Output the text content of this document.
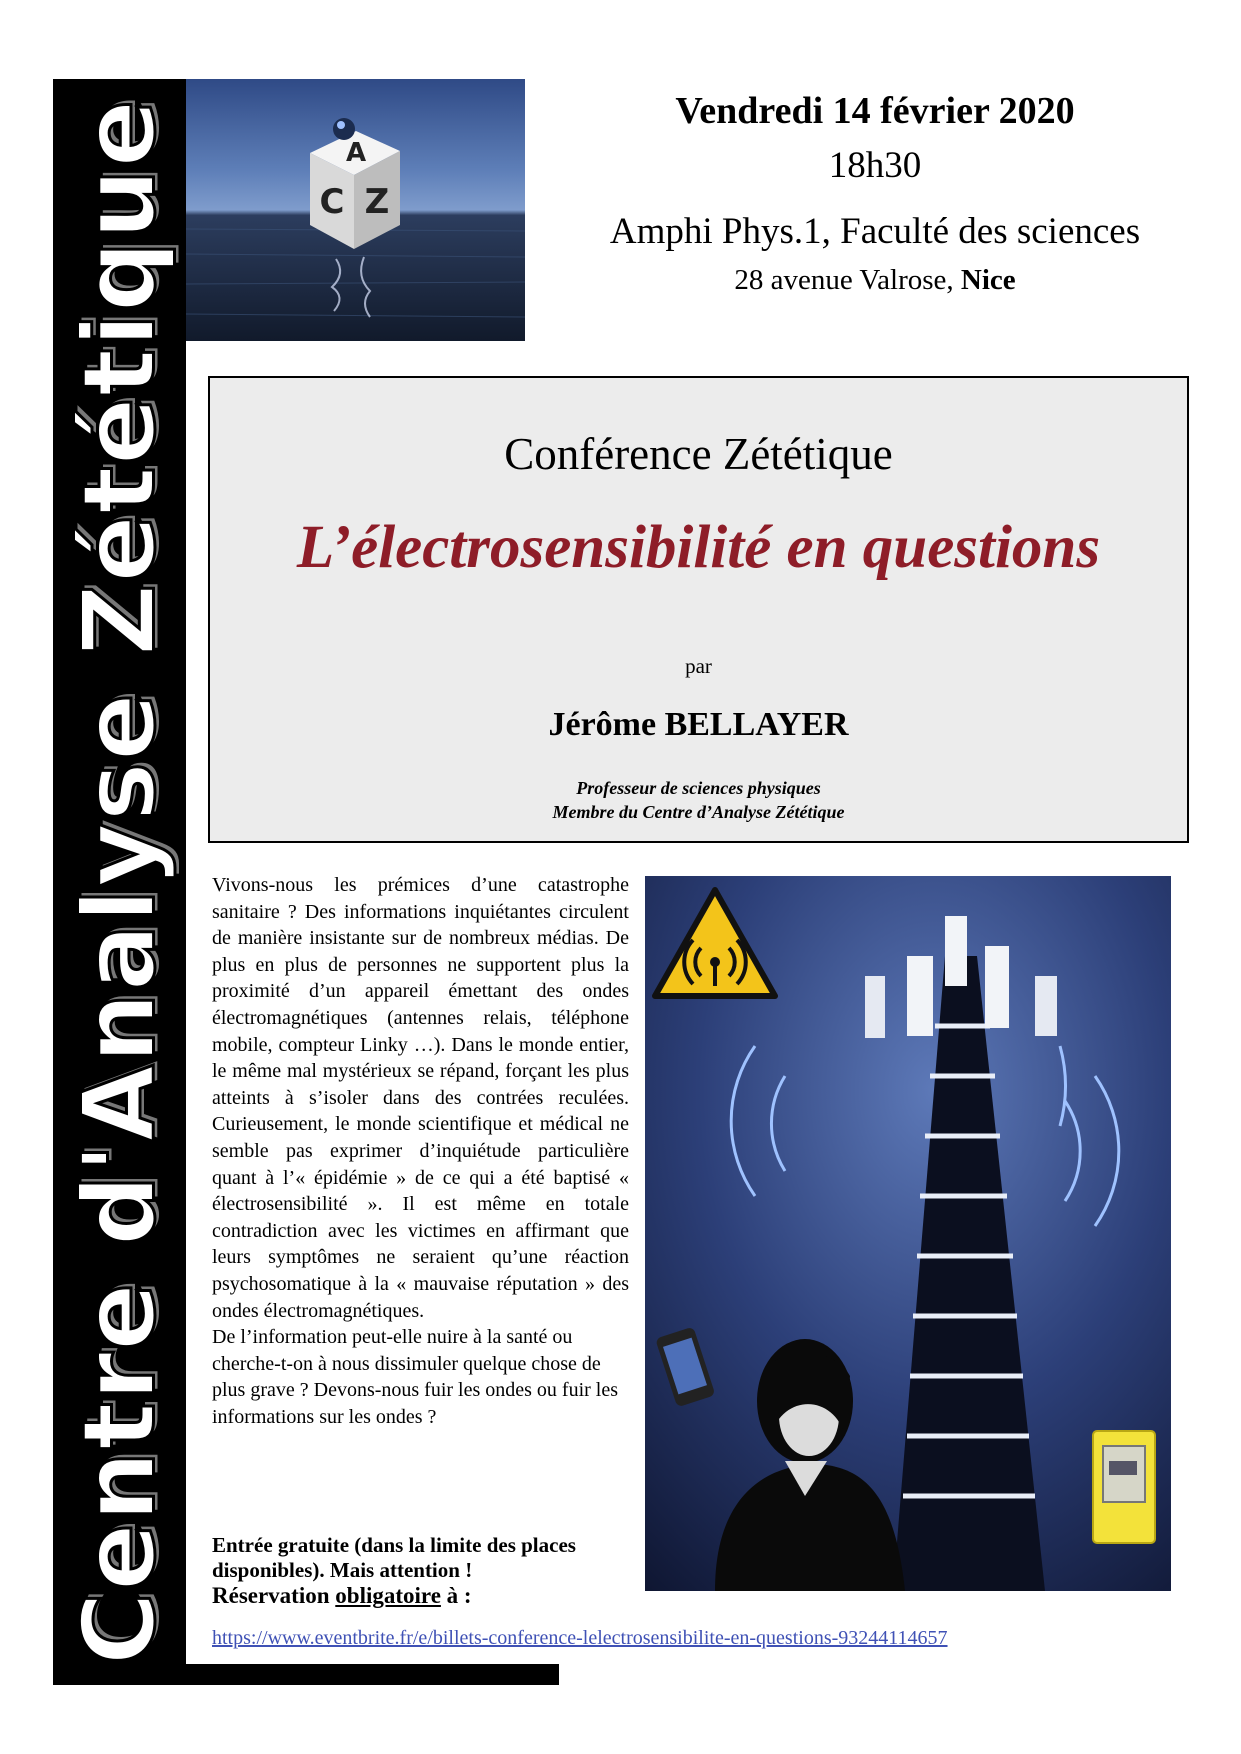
Centre d'Analyse Zététique	A
C Z
Vendredi 14 février 2020
18h30
Amphi Phys.1, Faculté des sciences
28 avenue Valrose, Nice
Conférence Zététique
L’électrosensibilité en questions
par
Jérôme BELLAYER
Professeur de sciences physiques
Membre du Centre d’Analyse Zététique
Vivons-nous les prémices d’une catastrophe sanitaire ? Des informations inquiétantes circulent de manière insistante sur de nombreux médias. De plus en plus de personnes ne supportent plus la proximité d’un appareil émettant des ondes électromagnétiques (antennes relais, téléphone mobile, compteur Linky …). Dans le monde entier, le même mal mystérieux se répand, forçant les plus atteints à s’isoler dans des contrées reculées. Curieusement, le monde scientifique et médical ne semble pas exprimer d’inquiétude particulière quant à l’« épidémie » de ce qui a été baptisé « électrosensibilité ». Il est même en totale contradiction avec les victimes en affirmant que leurs symptômes ne seraient qu’une réaction psychosomatique à la « mauvaise réputation » des ondes électromagnétiques.
De l’information peut-elle nuire à la santé ou cherche-t-on à nous dissimuler quelque chose de plus grave ? Devons-nous fuir les ondes ou fuir les informations sur les ondes ?
Entrée gratuite (dans la limite des places disponibles). Mais attention !
Réservation obligatoire à :
https://www.eventbrite.fr/e/billets-conference-lelectrosensibilite-en-questions-93244114657
